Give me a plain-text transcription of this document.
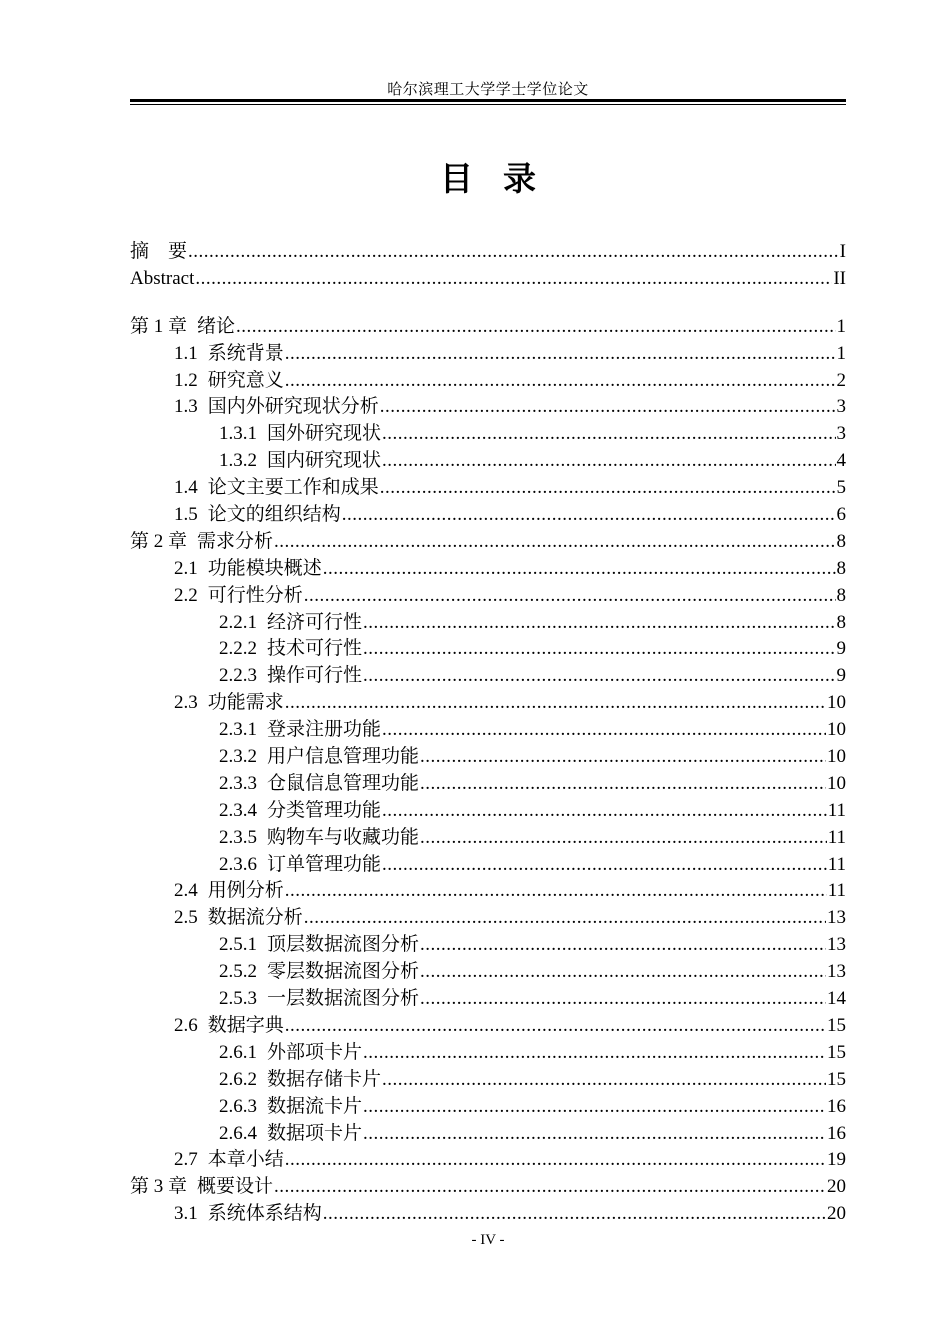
哈尔滨理工大学学士学位论文
目录
摘　要 .....	I
Abstract .....	II
第 1 章 绪论 .....	1
1.1 系统背景 .....	1
1.2 研究意义 .....	2
1.3 国内外研究现状分析 .....	3
1.3.1 国外研究现状 .....	3
1.3.2 国内研究现状 .....	4
1.4 论文主要工作和成果 .....	5
1.5 论文的组织结构 .....	6
第 2 章 需求分析 .....	8
2.1 功能模块概述 .....	8
2.2 可行性分析 .....	8
2.2.1 经济可行性 .....	8
2.2.2 技术可行性 .....	9
2.2.3 操作可行性 .....	9
2.3 功能需求 .....	10
2.3.1 登录注册功能 .....	10
2.3.2 用户信息管理功能 .....	10
2.3.3 仓鼠信息管理功能 .....	10
2.3.4 分类管理功能 .....	11
2.3.5 购物车与收藏功能 .....	11
2.3.6 订单管理功能 .....	11
2.4 用例分析 .....	11
2.5 数据流分析 .....	13
2.5.1 顶层数据流图分析 .....	13
2.5.2 零层数据流图分析 .....	13
2.5.3 一层数据流图分析 .....	14
2.6 数据字典 .....	15
2.6.1 外部项卡片 .....	15
2.6.2 数据存储卡片 .....	15
2.6.3 数据流卡片 .....	16
2.6.4 数据项卡片 .....	16
2.7 本章小结 .....	19
第 3 章 概要设计 .....	20
3.1 系统体系结构 .....	20
- IV -
